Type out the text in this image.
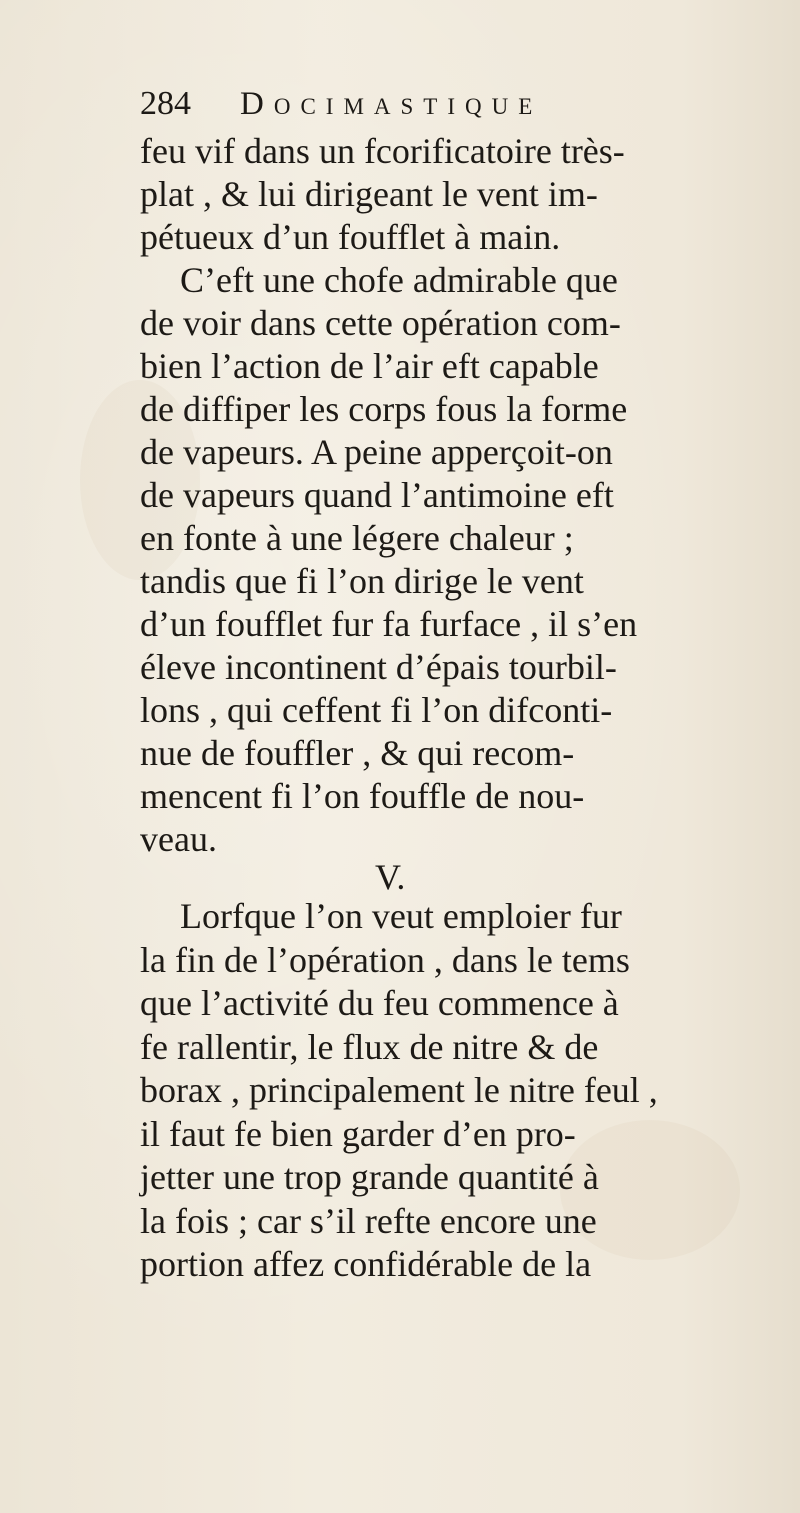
284 Docimastique
feu vif dans un fcorificatoire très-
plat , & lui dirigeant le vent im-
pétueux d’un foufflet à main.
C’eft une chofe admirable que
de voir dans cette opération com-
bien l’action de l’air eft capable
de diffiper les corps fous la forme
de vapeurs. A peine apperçoit-on
de vapeurs quand l’antimoine eft
en fonte à une légere chaleur ;
tandis que fi l’on dirige le vent
d’un foufflet fur fa furface , il s’en
éleve incontinent d’épais tourbil-
lons , qui ceffent fi l’on difconti-
nue de fouffler , & qui recom-
mencent fi l’on fouffle de nou-
veau.
V.
Lorfque l’on veut emploier fur
la fin de l’opération , dans le tems
que l’activité du feu commence à
fe rallentir, le flux de nitre & de
borax , principalement le nitre feul ,
il faut fe bien garder d’en pro-
jetter une trop grande quantité à
la fois ; car s’il refte encore une
portion affez confidérable de la
